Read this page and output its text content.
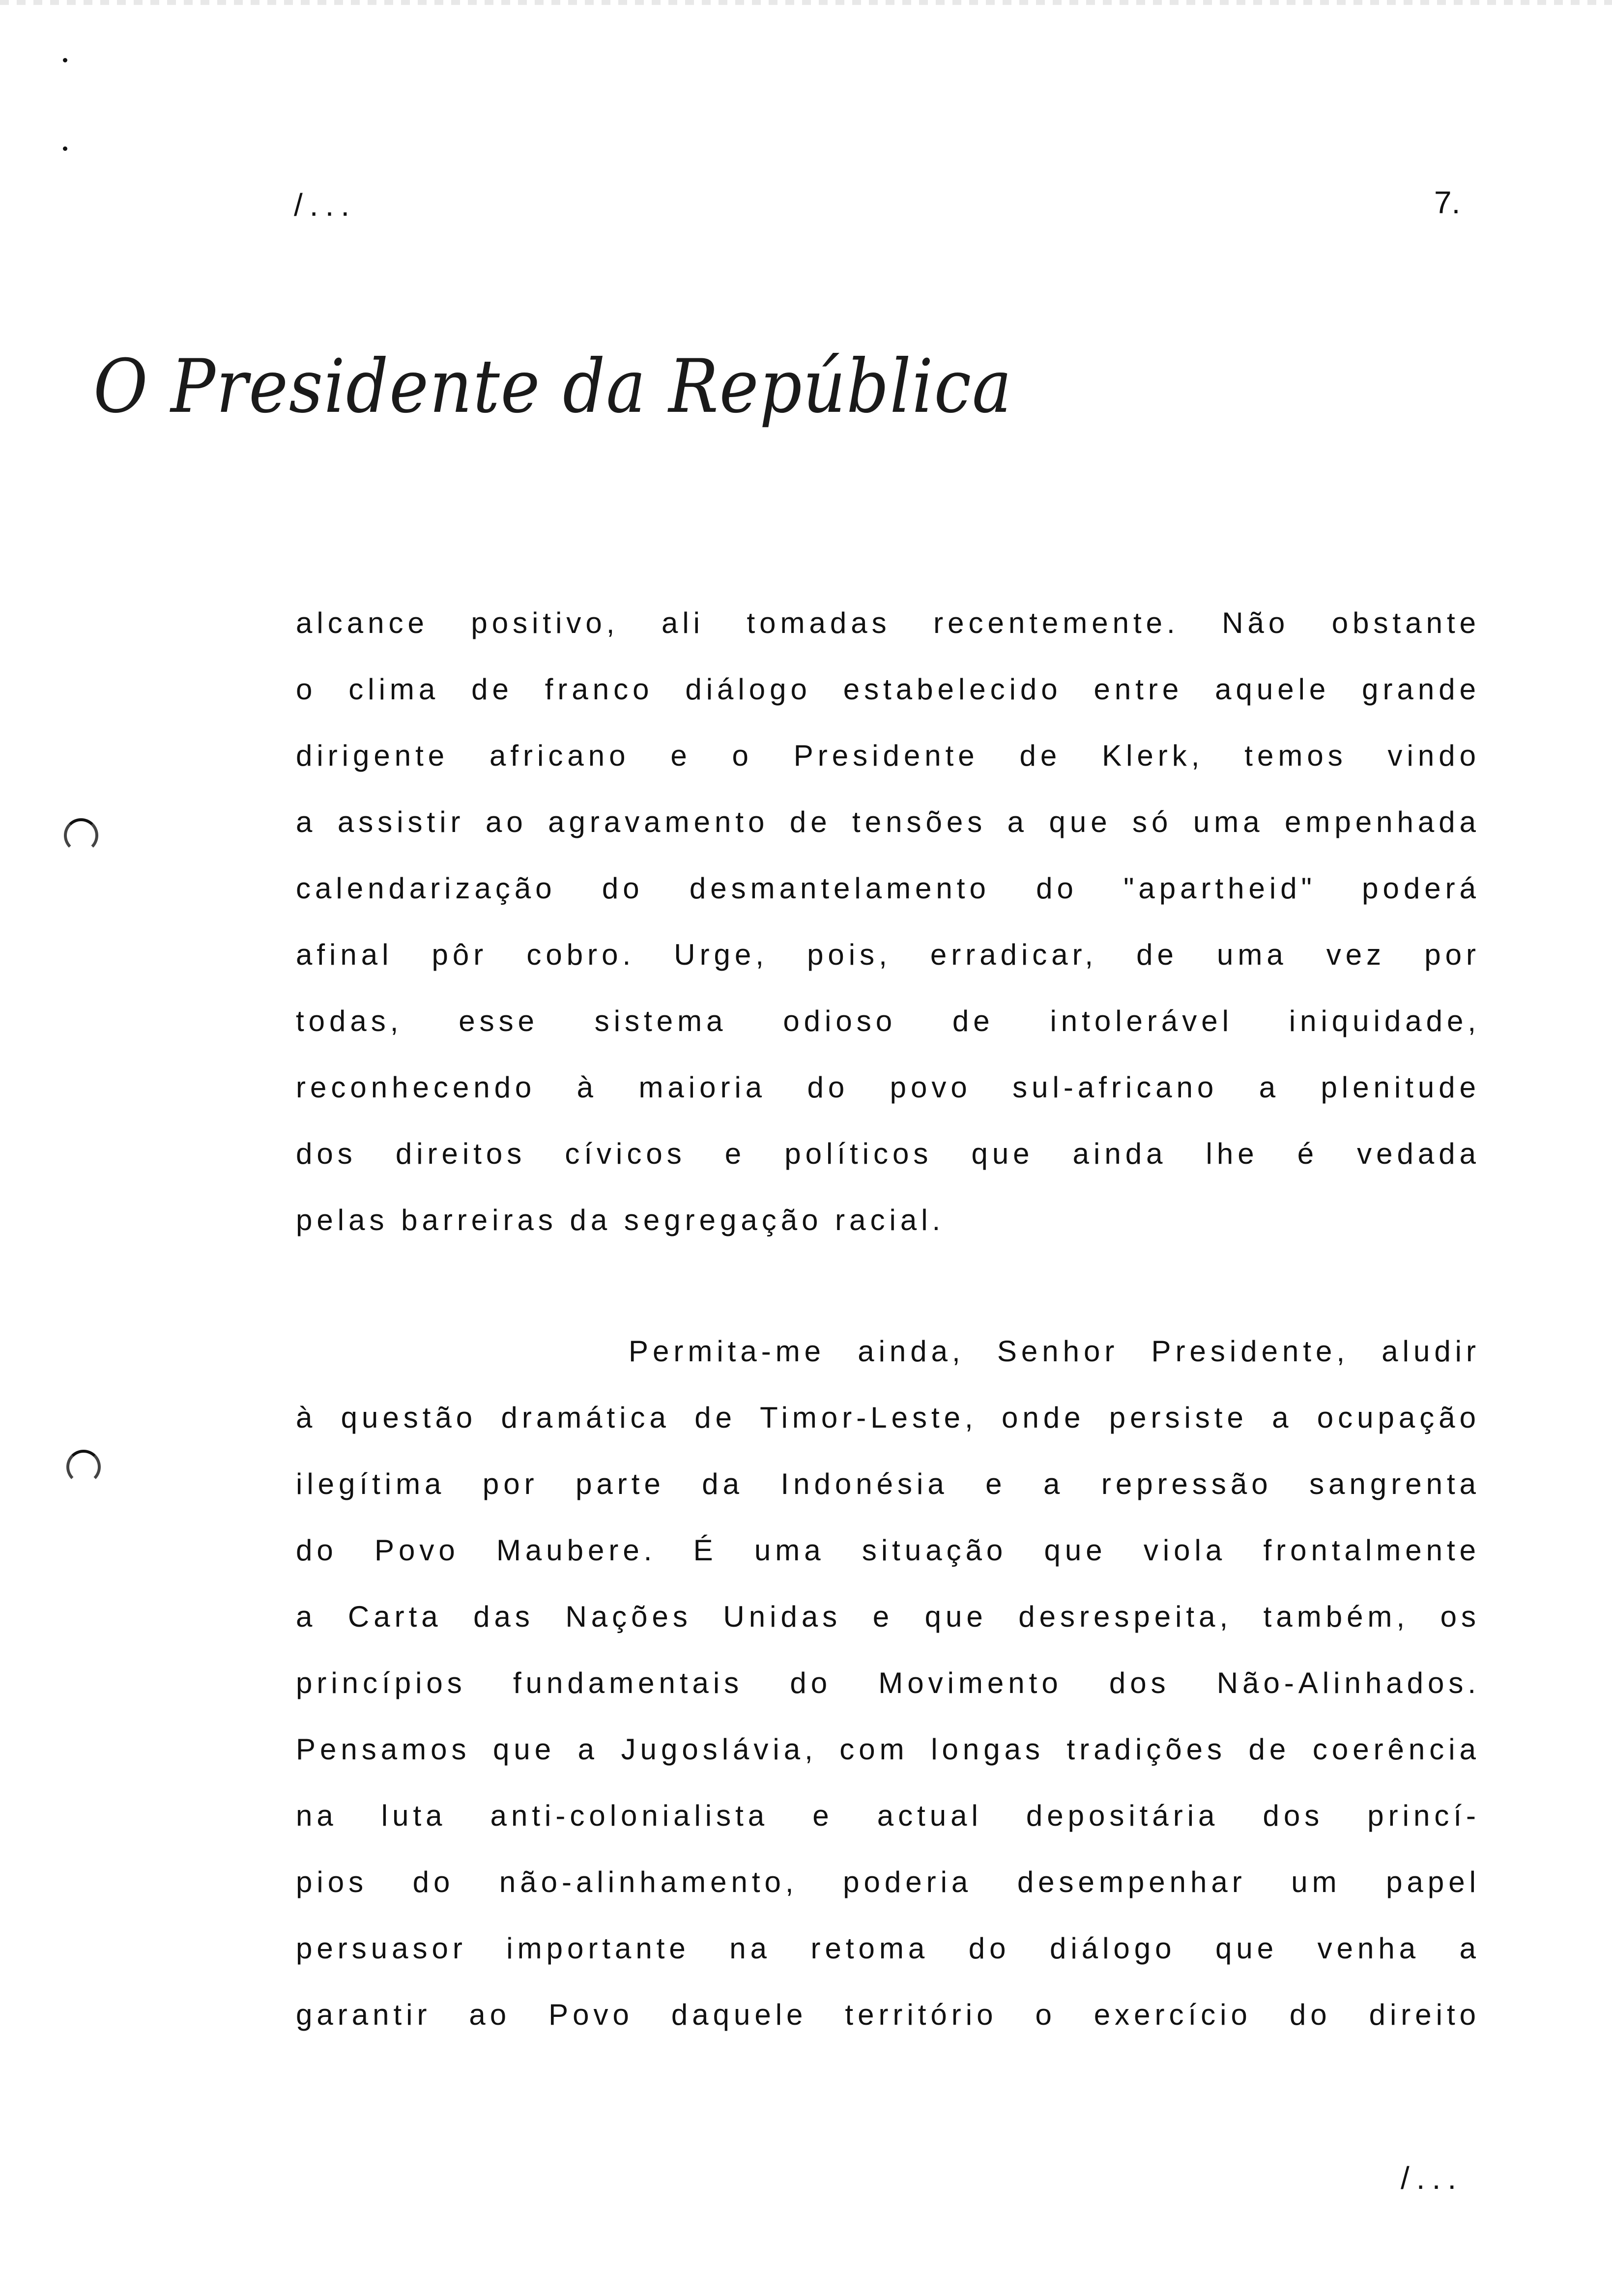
/...	7.
O Presidente da República
alcance positivo, ali tomadas recentemente. Não obstante
o clima de franco diálogo estabelecido entre aquele grande
dirigente africano e o Presidente de Klerk, temos vindo
a assistir ao agravamento de tensões a que só uma empenhada
calendarização do desmantelamento do "apartheid" poderá
afinal pôr cobro. Urge, pois, erradicar, de uma vez por
todas, esse sistema odioso de intolerável iniquidade,
reconhecendo à maioria do povo sul-africano a plenitude
dos direitos cívicos e políticos que ainda lhe é vedada
pelas barreiras da segregação racial.
Permita-me ainda, Senhor Presidente, aludir
à questão dramática de Timor-Leste, onde persiste a ocupação
ilegítima por parte da Indonésia e a repressão sangrenta
do Povo Maubere. É uma situação que viola frontalmente
a Carta das Nações Unidas e que desrespeita, também, os
princípios fundamentais do Movimento dos Não-Alinhados.
Pensamos que a Jugoslávia, com longas tradições de coerência
na luta anti-colonialista e actual depositária dos princí-
pios do não-alinhamento, poderia desempenhar um papel
persuasor importante na retoma do diálogo que venha a
garantir ao Povo daquele território o exercício do direito
/...
